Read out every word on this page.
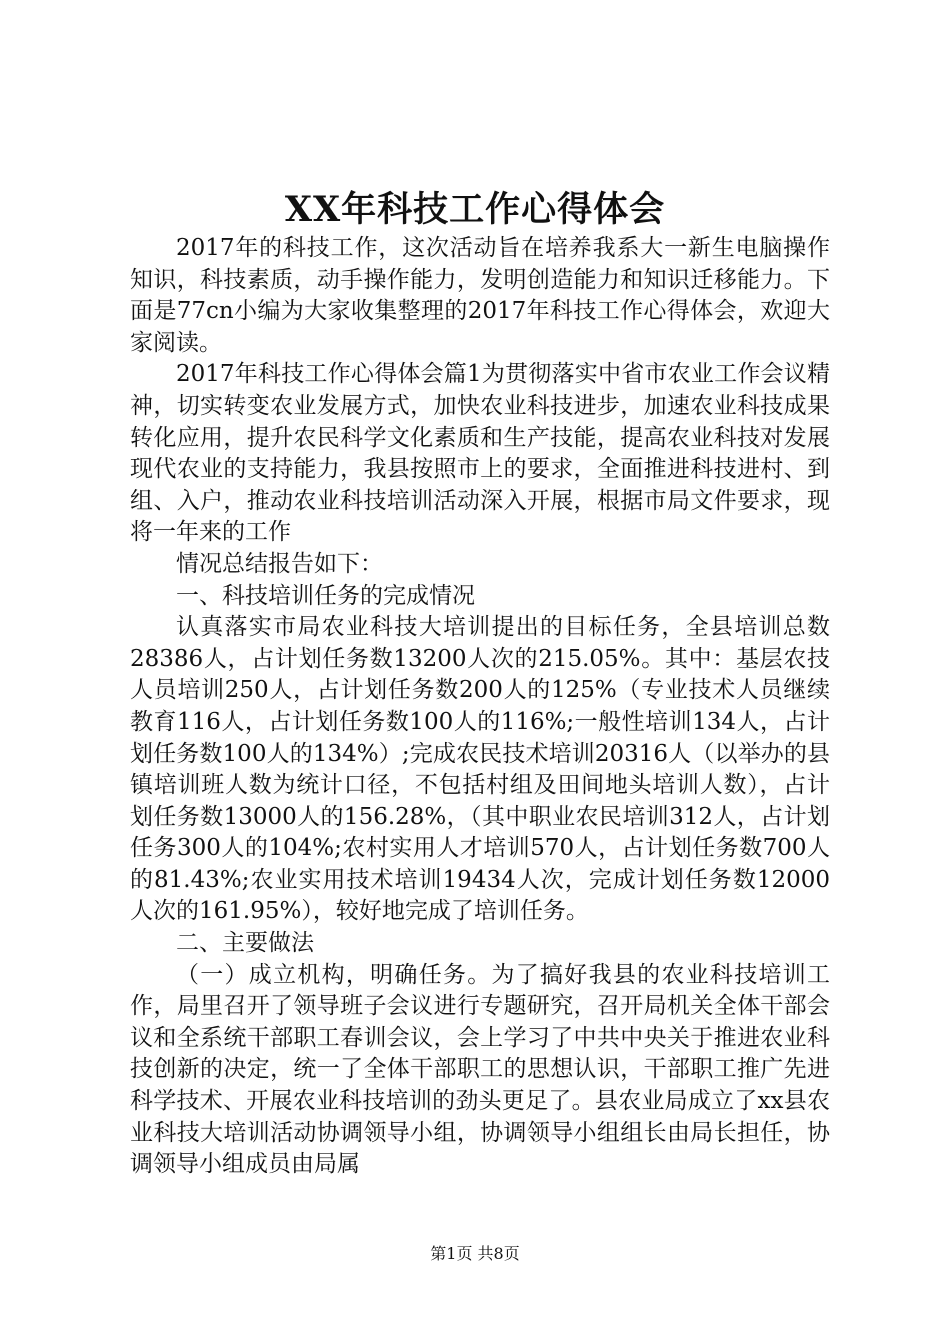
XX年科技工作心得体会

2017年的科技工作，这次活动旨在培养我系大一新生电脑操作知识，科技素质，动手操作能力，发明创造能力和知识迁移能力。下面是77cn小编为大家收集整理的2017年科技工作心得体会，欢迎大家阅读。

2017年科技工作心得体会篇1为贯彻落实中省市农业工作会议精神，切实转变农业发展方式，加快农业科技进步，加速农业科技成果转化应用，提升农民科学文化素质和生产技能，提高农业科技对发展现代农业的支持能力，我县按照市上的要求，全面推进科技进村、到组、入户，推动农业科技培训活动深入开展，根据市局文件要求，现将一年来的工作

情况总结报告如下：

一、科技培训任务的完成情况

认真落实市局农业科技大培训提出的目标任务，全县培训总数28386人，占计划任务数13200人次的215.05%。其中：基层农技人员培训250人，占计划任务数200人的125%（专业技术人员继续教育116人，占计划任务数100人的116%;一般性培训134人，占计划任务数100人的134%）;完成农民技术培训20316人（以举办的县镇培训班人数为统计口径，不包括村组及田间地头培训人数），占计划任务数13000人的156.28%，（其中职业农民培训312人，占计划任务300人的104%;农村实用人才培训570人，占计划任务数700人的81.43%;农业实用技术培训19434人次，完成计划任务数12000人次的161.95%），较好地完成了培训任务。

二、主要做法

（一）成立机构，明确任务。为了搞好我县的农业科技培训工作，局里召开了领导班子会议进行专题研究，召开局机关全体干部会议和全系统干部职工春训会议，会上学习了中共中央关于推进农业科技创新的决定，统一了全体干部职工的思想认识，干部职工推广先进科学技术、开展农业科技培训的劲头更足了。县农业局成立了xx县农业科技大培训活动协调领导小组，协调领导小组组长由局长担任，协调领导小组成员由局属

第1页 共8页
